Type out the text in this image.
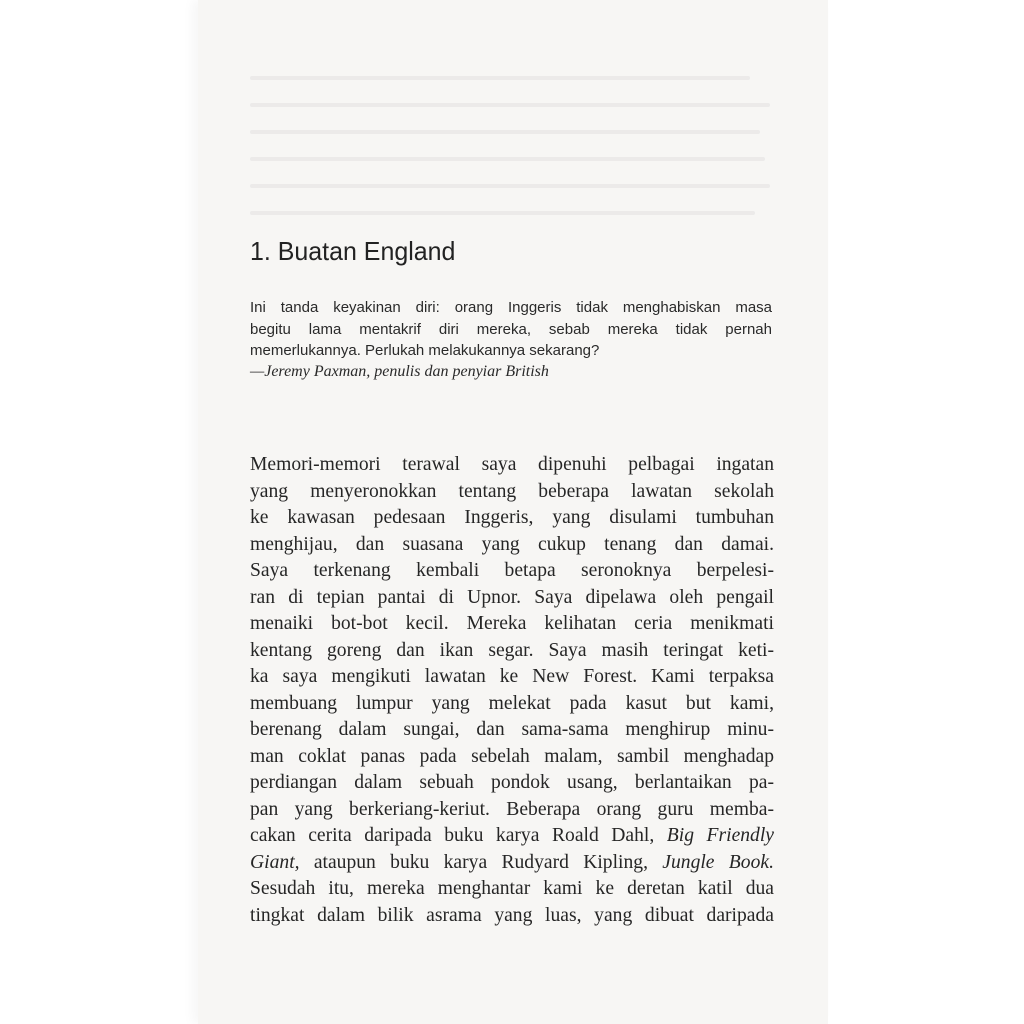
1. Buatan England
Ini tanda keyakinan diri: orang Inggeris tidak menghabiskan masa
begitu lama mentakrif diri mereka, sebab mereka tidak pernah
memerlukannya. Perlukah melakukannya sekarang?
—Jeremy Paxman, penulis dan penyiar British
Memori-memori terawal saya dipenuhi pelbagai ingatan
yang menyeronokkan tentang beberapa lawatan sekolah
ke kawasan pedesaan Inggeris, yang disulami tumbuhan
menghijau, dan suasana yang cukup tenang dan damai.
Saya terkenang kembali betapa seronoknya berpelesi-
ran di tepian pantai di Upnor. Saya dipelawa oleh pengail
menaiki bot-bot kecil. Mereka kelihatan ceria menikmati
kentang goreng dan ikan segar. Saya masih teringat keti-
ka saya mengikuti lawatan ke New Forest. Kami terpaksa
membuang lumpur yang melekat pada kasut but kami,
berenang dalam sungai, dan sama-sama menghirup minu-
man coklat panas pada sebelah malam, sambil menghadap
perdiangan dalam sebuah pondok usang, berlantaikan pa-
pan yang berkeriang-keriut. Beberapa orang guru memba-
cakan cerita daripada buku karya Roald Dahl, Big Friendly
Giant, ataupun buku karya Rudyard Kipling, Jungle Book.
Sesudah itu, mereka menghantar kami ke deretan katil dua
tingkat dalam bilik asrama yang luas, yang dibuat daripada
